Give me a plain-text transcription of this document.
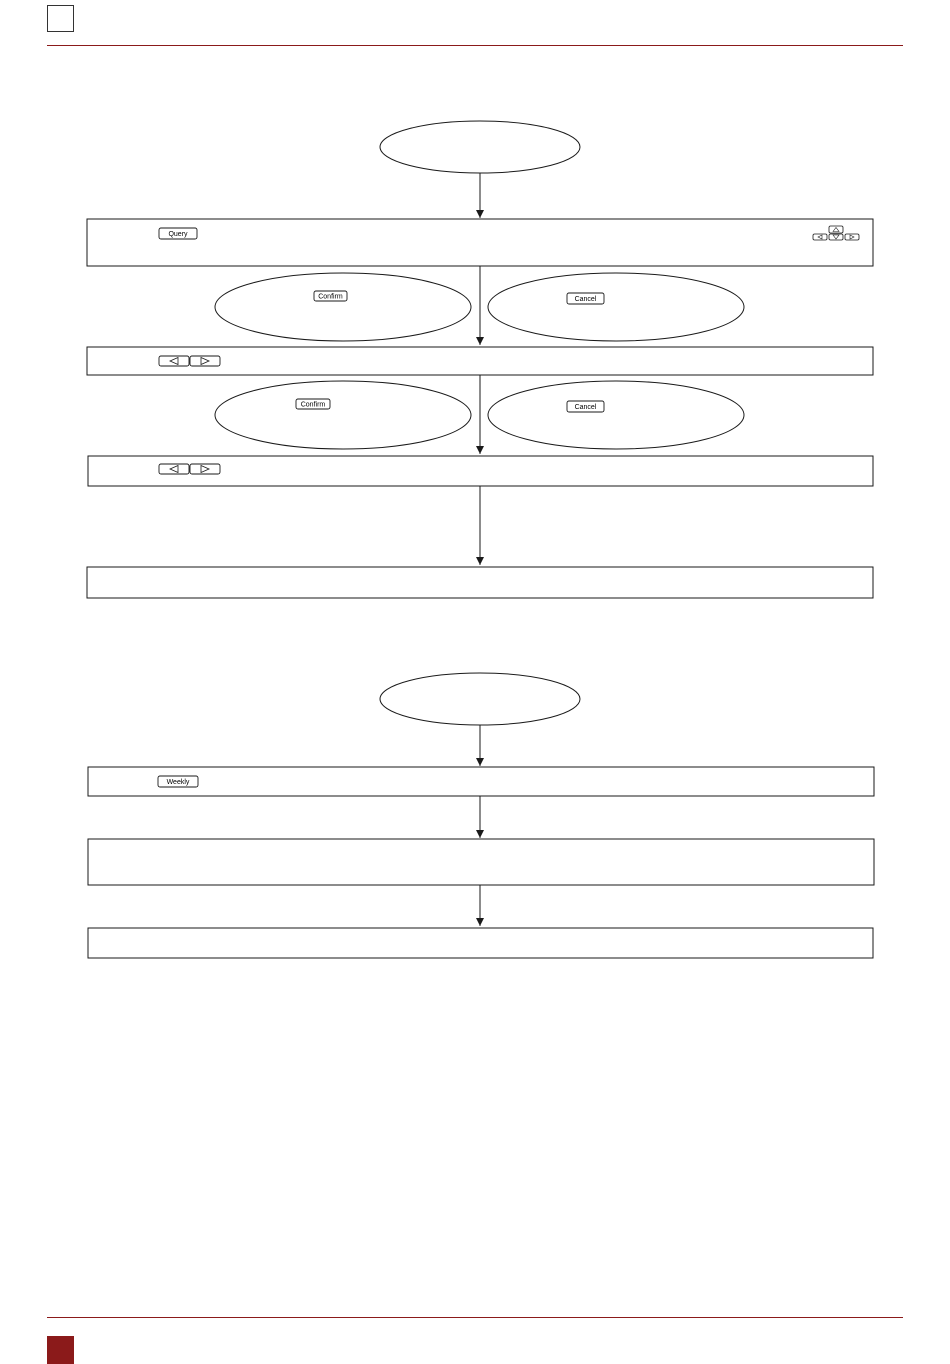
Query
Confirm	Cancel
Confirm	Cancel
Weekly
